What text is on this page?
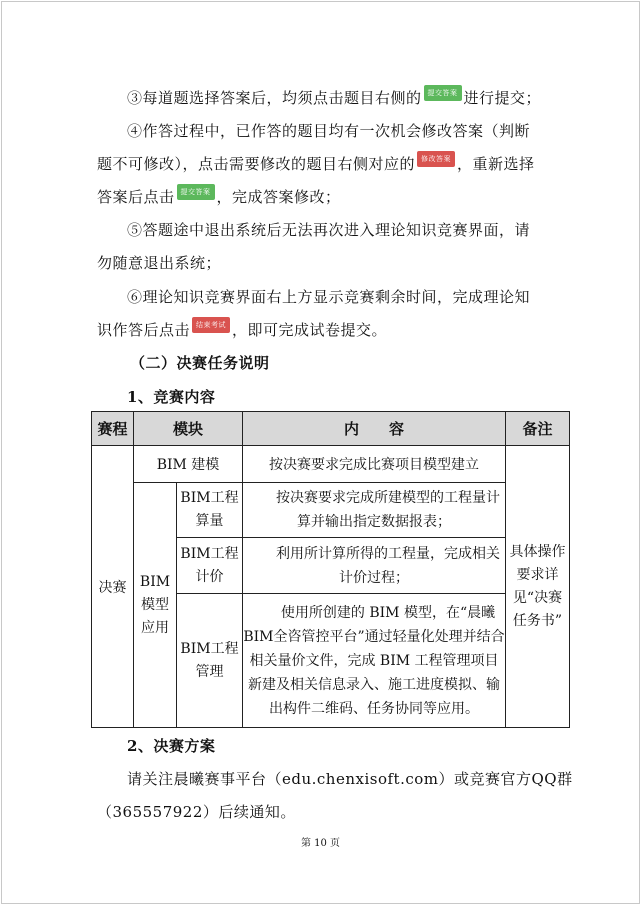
③每道题选择答案后，均须点击题目右侧的 提交答案 进行提交；
④作答过程中，已作答的题目均有一次机会修改答案（判断题不可修改），点击需要修改的题目右侧对应的 修改答案 ，重新选择答案后点击 提交答案 ，完成答案修改；
⑤答题途中退出系统后无法再次进入理论知识竞赛界面，请勿随意退出系统；
⑥理论知识竞赛界面右上方显示竞赛剩余时间，完成理论知识作答后点击 结束考试 ，即可完成试卷提交。
（二）决赛任务说明
1、竞赛内容
赛程	模块		内　　容	备注
决赛	BIM 建模		按决赛要求完成比赛项目模型建立	具体操作要求详见“决赛任务书”
	BIM模型应用	BIM工程算量	按决赛要求完成所建模型的工程量计算并输出指定数据报表；	
		BIM工程计价	利用所计算所得的工程量，完成相关计价过程；	
		BIM工程管理	使用所创建的 BIM 模型，在“晨曦BIM全咨管控平台”通过轻量化处理并结合相关量价文件，完成 BIM 工程管理项目新建及相关信息录入、施工进度模拟、输出构件二维码、任务协同等应用。	
2、决赛方案
请关注晨曦赛事平台（edu.chenxisoft.com）或竞赛官方QQ群
（365557922）后续通知。
第 10 页
